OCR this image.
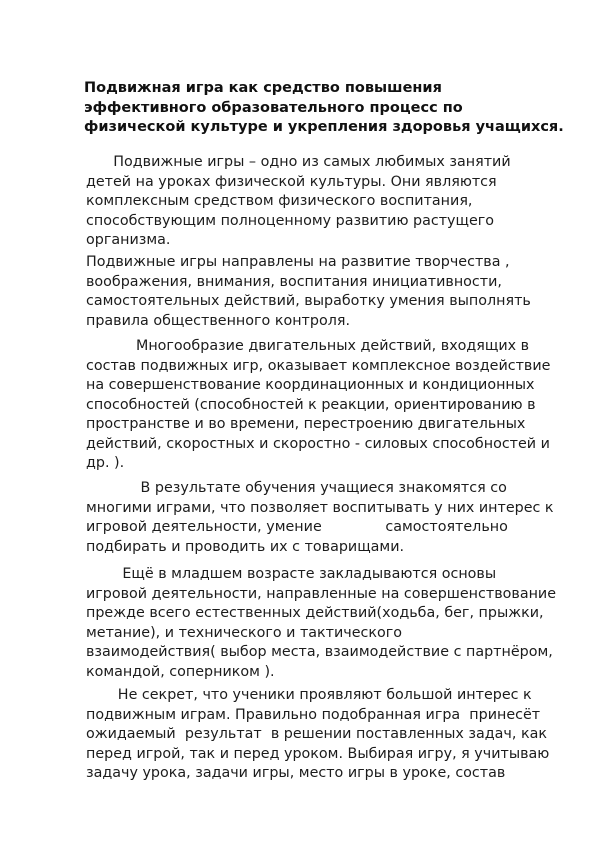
Подвижная игра как средство повышения
эффективного образовательного процесс по
физической культуре и укрепления здоровья учащихся.
Подвижные игры – одно из самых любимых занятий
детей на уроках физической культуры. Они являются
комплексным средством физического воспитания,
способствующим полноценному развитию растущего
организма.
Подвижные игры направлены на развитие творчества ,
воображения, внимания, воспитания инициативности,
самостоятельных действий, выработку умения выполнять
правила общественного контроля.
Многообразие двигательных действий, входящих в
состав подвижных игр, оказывает комплексное воздействие
на совершенствование координационных и кондиционных
способностей (способностей к реакции, ориентированию в
пространстве и во времени, перестроению двигательных
действий, скоростных и скоростно - силовых способностей и
др. ).
В результате обучения учащиеся знакомятся со
многими играми, что позволяет воспитывать у них интерес к
игровой деятельности, умение              самостоятельно
подбирать и проводить их с товарищами.
Ещё в младшем возрасте закладываются основы
игровой деятельности, направленные на совершенствование
прежде всего естественных действий(ходьба, бег, прыжки,
метание), и технического и тактического
взаимодействия( выбор места, взаимодействие с партнёром,
командой, соперником ).
Не секрет, что ученики проявляют большой интерес к
подвижным играм. Правильно подобранная игра  принесёт
ожидаемый  результат  в решении поставленных задач, как
перед игрой, так и перед уроком. Выбирая игру, я учитываю
задачу урока, задачи игры, место игры в уроке, состав
